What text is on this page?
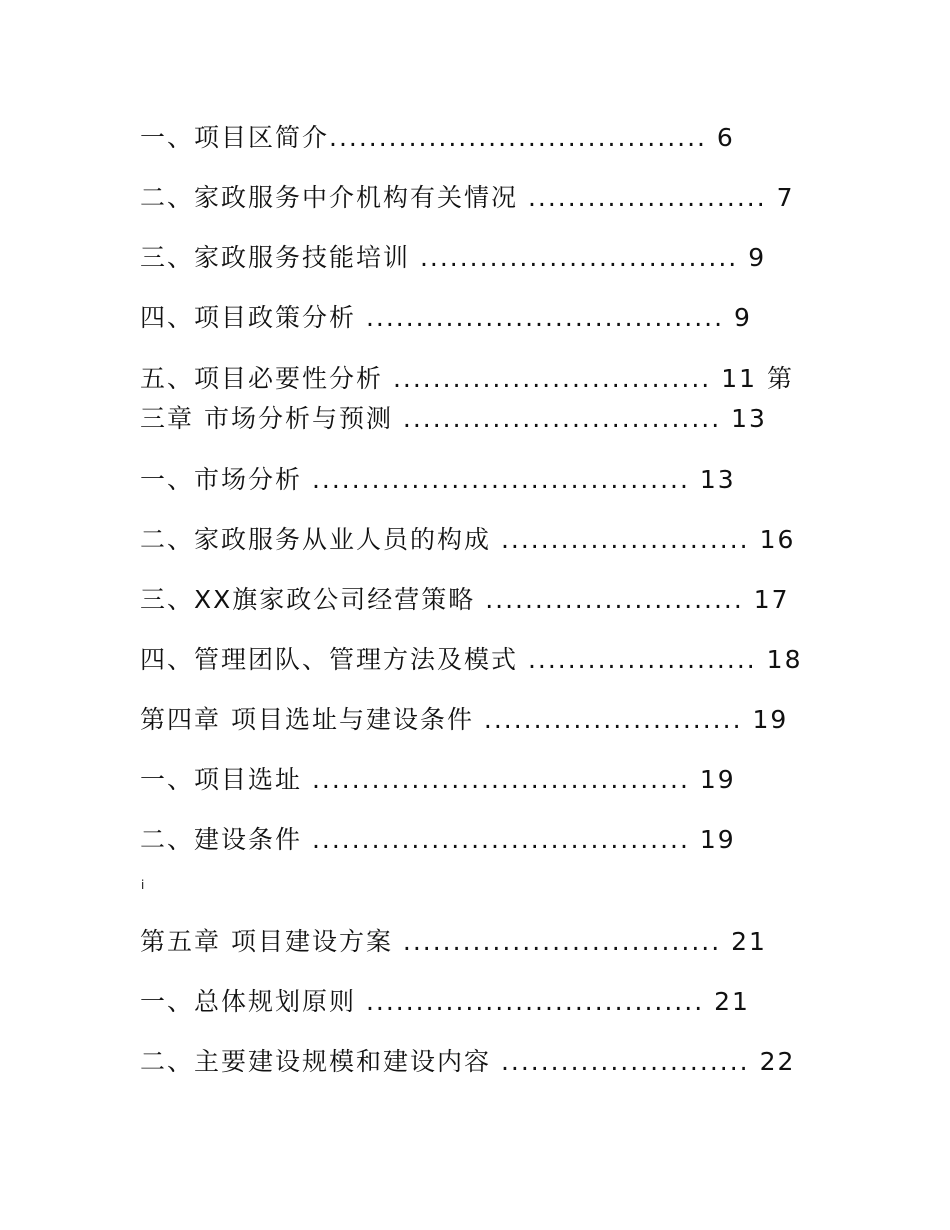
一、项目区简介...................................... 6
二、家政服务中介机构有关情况 ........................ 7
三、家政服务技能培训 ................................ 9
四、项目政策分析 .................................... 9
五、项目必要性分析 ................................ 11 第
三章 市场分析与预测 ................................ 13
一、市场分析 ...................................... 13
二、家政服务从业人员的构成 ......................... 16
三、XX旗家政公司经营策略 .......................... 17
四、管理团队、管理方法及模式 ....................... 18
第四章 项目选址与建设条件 .......................... 19
一、项目选址 ...................................... 19
二、建设条件 ...................................... 19
i
第五章 项目建设方案 ................................ 21
一、总体规划原则 .................................. 21
二、主要建设规模和建设内容 ......................... 22
